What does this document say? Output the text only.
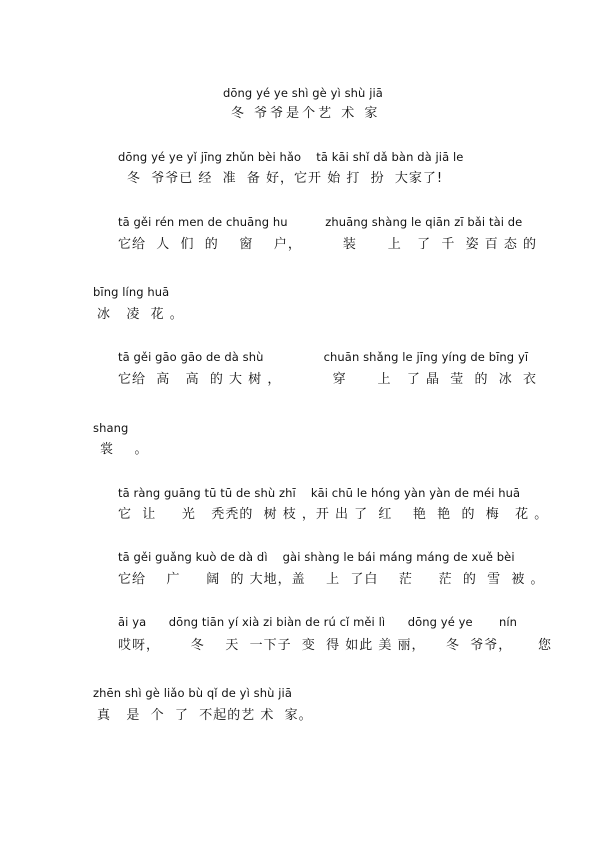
dōng yé ye shì gè yì shù jiā
冬 爷爷是个艺 术 家
dōng yé ye yǐ jīng zhǔn bèi hǎo    tā kāi shǐ dǎ bàn dà jiā le
冬  爷爷已 经  准  备 好，它开 始 打  扮  大家了!
tā gěi rén men de chuāng hu          zhuāng shàng le qiān zī bǎi tài de
它给  人  们  的    窗    户，        装      上   了  千  姿 百 态 的
bīng líng huā
冰   凌  花 。
tā gěi gāo gāo de dà shù                chuān shǎng le jīng yíng de bīng yī
它给  高   高  的 大 树 ，          穿      上   了 晶  莹  的  冰  衣
shang
裳    。
tā ràng guāng tū tū de shù zhī    kāi chū le hóng yàn yàn de méi huā
它  让     光   秃秃的  树 枝 ，开 出 了  红    艳  艳  的  梅   花 。
tā gěi guǎng kuò de dà dì    gài shàng le bái máng máng de xuě bèi
它给    广     阔  的 大地，盖    上  了白    茫     茫  的  雪  被 。
āi ya      dōng tiān yí xià zi biàn de rú cǐ měi lì      dōng yé ye       nín
哎呀，      冬    天  一下子  变  得 如此 美 丽，    冬  爷爷，     您
zhēn shì gè liǎo bù qǐ de yì shù jiā
真   是  个  了  不起的艺 术  家。
